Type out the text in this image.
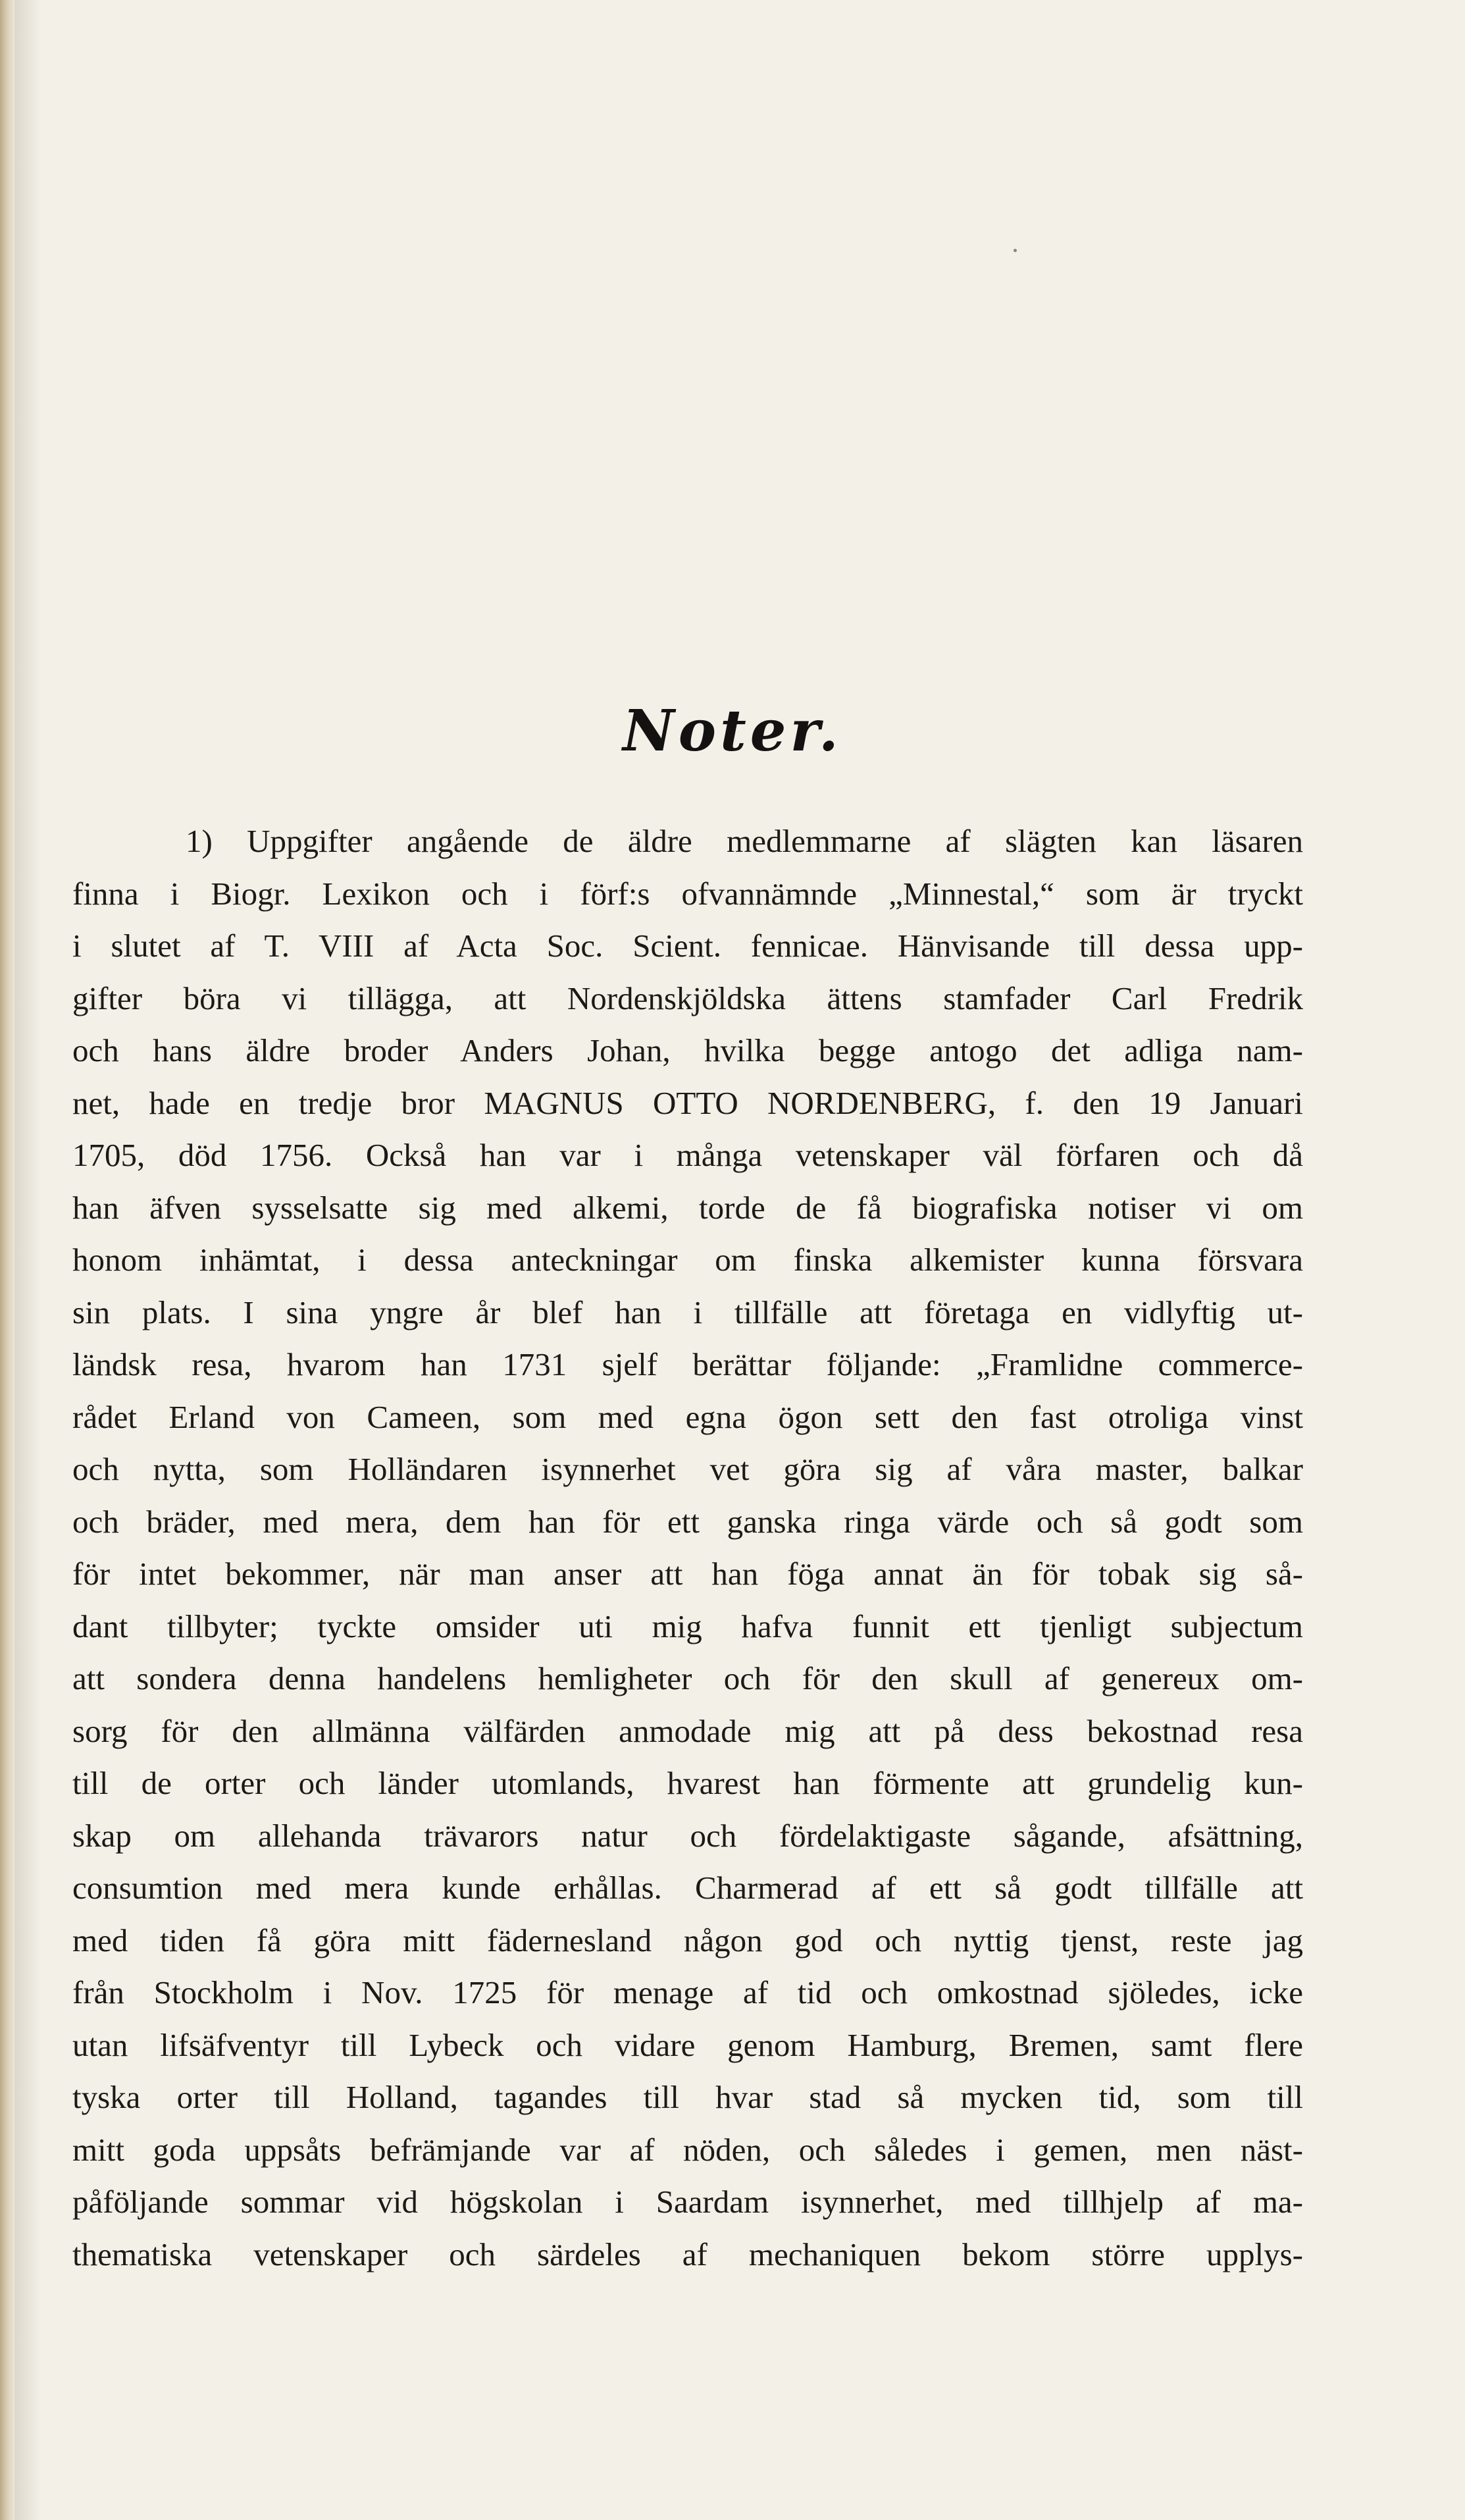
Noter.
1) Uppgifter angående de äldre medlemmarne af slägten kan läsaren
finna i Biogr. Lexikon och i förf:s ofvannämnde „Minnestal,“ som är tryckt
i slutet af T. VIII af Acta Soc. Scient. fennicae. Hänvisande till dessa upp-
gifter böra vi tillägga, att Nordenskjöldska ättens stamfader Carl Fredrik
och hans äldre broder Anders Johan, hvilka begge antogo det adliga nam-
net, hade en tredje bror MAGNUS OTTO NORDENBERG, f. den 19 Januari
1705, död 1756. Också han var i många vetenskaper väl förfaren och då
han äfven sysselsatte sig med alkemi, torde de få biografiska notiser vi om
honom inhämtat, i dessa anteckningar om finska alkemister kunna försvara
sin plats. I sina yngre år blef han i tillfälle att företaga en vidlyftig ut-
ländsk resa, hvarom han 1731 sjelf berättar följande: „Framlidne commerce-
rådet Erland von Cameen, som med egna ögon sett den fast otroliga vinst
och nytta, som Holländaren isynnerhet vet göra sig af våra master, balkar
och bräder, med mera, dem han för ett ganska ringa värde och så godt som
för intet bekommer, när man anser att han föga annat än för tobak sig så-
dant tillbyter; tyckte omsider uti mig hafva funnit ett tjenligt subjectum
att sondera denna handelens hemligheter och för den skull af genereux om-
sorg för den allmänna välfärden anmodade mig att på dess bekostnad resa
till de orter och länder utomlands, hvarest han förmente att grundelig kun-
skap om allehanda trävarors natur och fördelaktigaste sågande, afsättning,
consumtion med mera kunde erhållas. Charmerad af ett så godt tillfälle att
med tiden få göra mitt fädernesland någon god och nyttig tjenst, reste jag
från Stockholm i Nov. 1725 för menage af tid och omkostnad sjöledes, icke
utan lifsäfventyr till Lybeck och vidare genom Hamburg, Bremen, samt flere
tyska orter till Holland, tagandes till hvar stad så mycken tid, som till
mitt goda uppsåts befrämjande var af nöden, och således i gemen, men näst-
påföljande sommar vid högskolan i Saardam isynnerhet, med tillhjelp af ma-
thematiska vetenskaper och särdeles af mechaniquen bekom större upplys-
